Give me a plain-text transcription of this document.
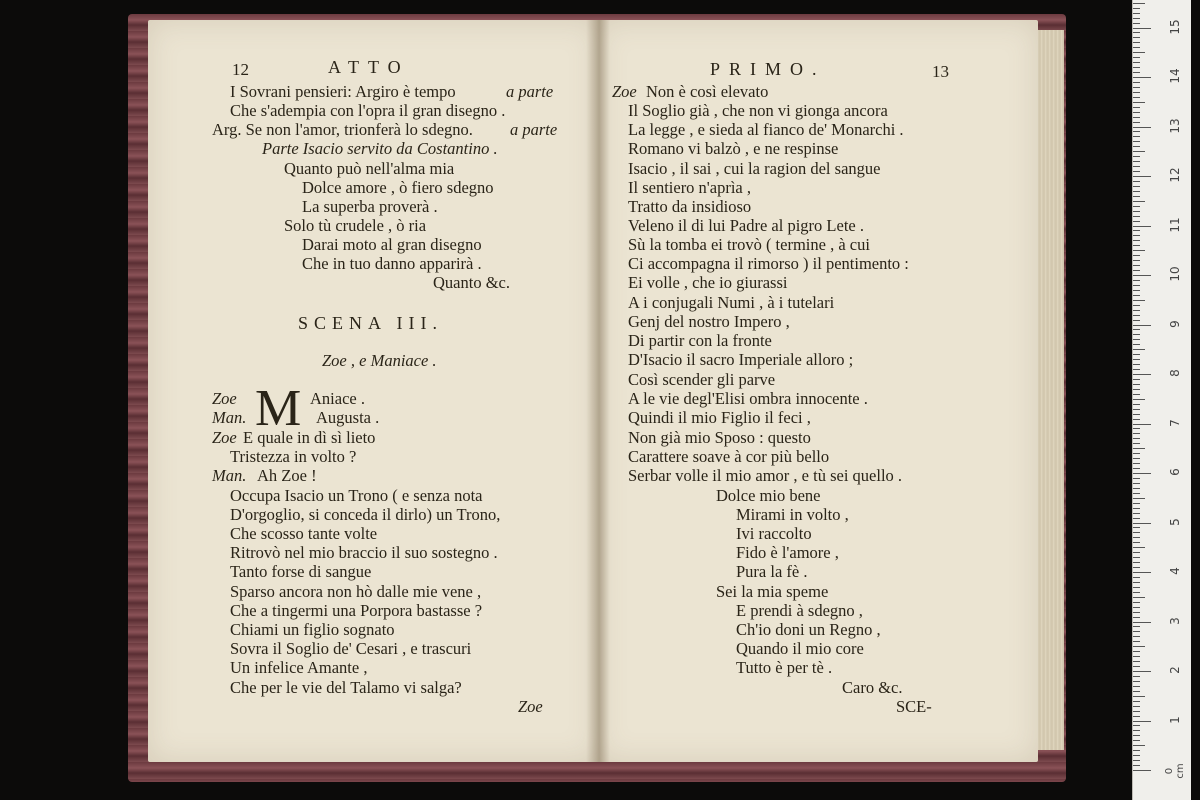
12	ATTO
I Sovrani pensieri: Argiro è tempo	a parte
Che s'adempia con l'opra il gran disegno .
Arg. Se non l'amor, trionferà lo sdegno. a parte
Parte Isacio servito da Costantino .
Quanto può nell'alma mia
Dolce amore , ò fiero sdegno
La superba proverà .
Solo tù crudele , ò ria
Darai moto al gran disegno
Che in tuo danno apparirà .
Quanto &c.
SCENA III.
Zoe , e Maniace .
M
Zoe	Aniace .
Man.	Augusta .
Zoe E quale in dì sì lieto
Tristezza in volto ?
Man. Ah Zoe !
Occupa Isacio un Trono ( e senza nota
D'orgoglio, si conceda il dirlo) un Trono,
Che scosso tante volte
Ritrovò nel mio braccio il suo sostegno .
Tanto forse di sangue
Sparso ancora non hò dalle mie vene ,
Che a tingermi una Porpora bastasse ?
Chiami un figlio sognato
Sovra il Soglio de' Cesari , e trascuri
Un infelice Amante ,
Che per le vie del Talamo vi salga?
Zoe
PRIMO.	13
Zoe Non è così elevato
Il Soglio già , che non vi gionga ancora
La legge , e sieda al fianco de' Monarchi .
Romano vi balzò , e ne respinse
Isacio , il sai , cui la ragion del sangue
Il sentiero n'aprìa ,
Tratto da insidioso
Veleno il di lui Padre al pigro Lete .
Sù la tomba ei trovò ( termine , à cui
Ci accompagna il rimorso ) il pentimento :
Ei volle , che io giurassi
A i conjugali Numi , à i tutelari
Genj del nostro Impero ,
Di partir con la fronte
D'Isacio il sacro Imperiale alloro ;
Così scender gli parve
A le vie degl'Elisi ombra innocente .
Quindi il mio Figlio il feci ,
Non già mio Sposo : questo
Carattere soave à cor più bello
Serbar volle il mio amor , e tù sei quello .
Dolce mio bene
Mirami in volto ,
Ivi raccolto
Fido è l'amore ,
Pura la fè .
Sei la mia speme
E prendi à sdegno ,
Ch'io doni un Regno ,
Quando il mio core
Tutto è per tè .
Caro &c.
SCE-
0 cm
1
2
3
4
5
6
7
8
9
10
11
12
13
14
15
